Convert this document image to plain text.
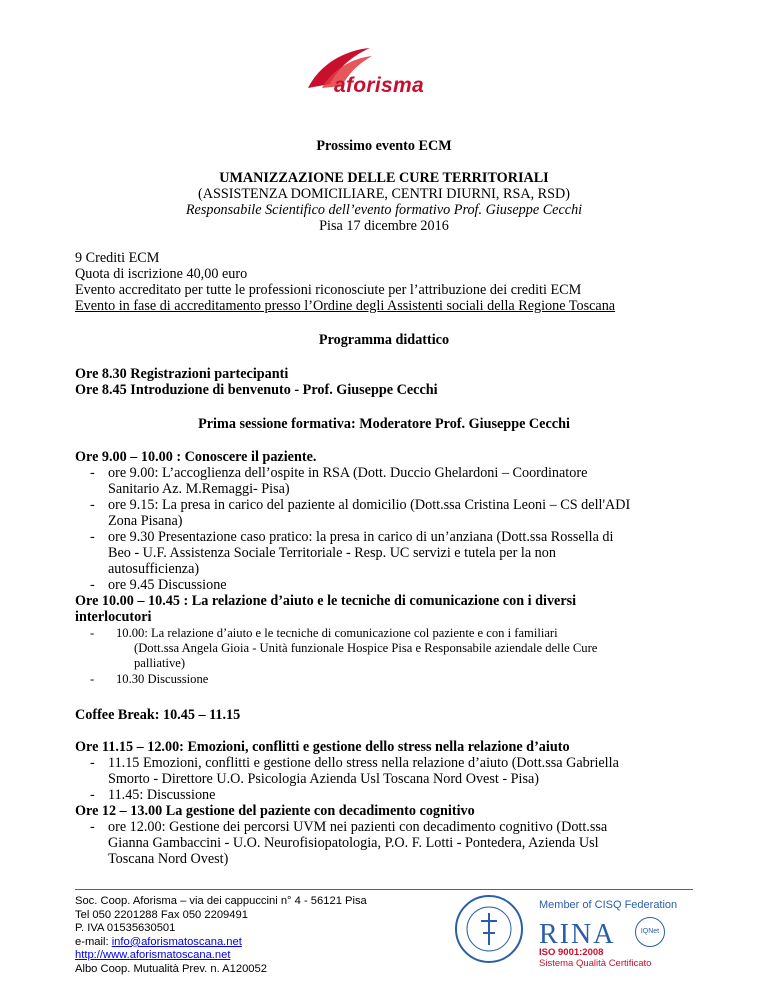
aforisma
Prossimo evento ECM
UMANIZZAZIONE DELLE CURE TERRITORIALI
(ASSISTENZA DOMICILIARE, CENTRI DIURNI, RSA, RSD)
Responsabile Scientifico dell’evento formativo Prof. Giuseppe Cecchi
Pisa 17 dicembre 2016
9 Crediti ECM
Quota di iscrizione 40,00 euro
Evento accreditato per tutte le professioni riconosciute per l’attribuzione dei crediti ECM
Evento in fase di accreditamento presso l’Ordine degli Assistenti sociali della Regione Toscana
Programma didattico
Ore 8.30 Registrazioni partecipanti
Ore 8.45 Introduzione di benvenuto - Prof. Giuseppe Cecchi
Prima sessione formativa: Moderatore Prof. Giuseppe Cecchi
Ore 9.00 – 10.00 : Conoscere il paziente.
- ore 9.00: L’accoglienza dell’ospite in RSA (Dott. Duccio Ghelardoni – Coordinatore
Sanitario Az. M.Remaggi- Pisa)
- ore 9.15: La presa in carico del paziente al domicilio (Dott.ssa Cristina Leoni – CS dell'ADI
Zona Pisana)
- ore 9.30 Presentazione caso pratico: la presa in carico di un’anziana (Dott.ssa Rossella di
Beo - U.F. Assistenza Sociale Territoriale - Resp. UC servizi e tutela per la non
autosufficienza)
- ore 9.45 Discussione
Ore 10.00 – 10.45 : La relazione d’aiuto e le tecniche di comunicazione con i diversi
interlocutori
- 10.00: La relazione d’aiuto e le tecniche di comunicazione col paziente e con i familiari
(Dott.ssa Angela Gioia - Unità funzionale Hospice Pisa e Responsabile aziendale delle Cure
palliative)
- 10.30 Discussione
Coffee Break: 10.45 – 11.15
Ore 11.15 – 12.00: Emozioni, conflitti e gestione dello stress nella relazione d’aiuto
- 11.15 Emozioni, conflitti e gestione dello stress nella relazione d’aiuto (Dott.ssa Gabriella
Smorto - Direttore U.O. Psicologia Azienda Usl Toscana Nord Ovest - Pisa)
- 11.45: Discussione
Ore 12 – 13.00 La gestione del paziente con decadimento cognitivo
- ore 12.00: Gestione dei percorsi UVM nei pazienti con decadimento cognitivo (Dott.ssa
Gianna Gambaccini - U.O. Neurofisiopatologia, P.O. F. Lotti - Pontedera, Azienda Usl
Toscana Nord Ovest)
Soc. Coop. Aforisma – via dei cappuccini n° 4 - 56121 Pisa
Tel 050 2201288 Fax 050 2209491
P. IVA 01535630501
e-mail: info@aforismatoscana.net
http://www.aforismatoscana.net
Albo Coop. Mutualità Prev. n. A120052
Member of CISQ Federation
RINA	IQNet
ISO 9001:2008
Sistema Qualità Certificato
